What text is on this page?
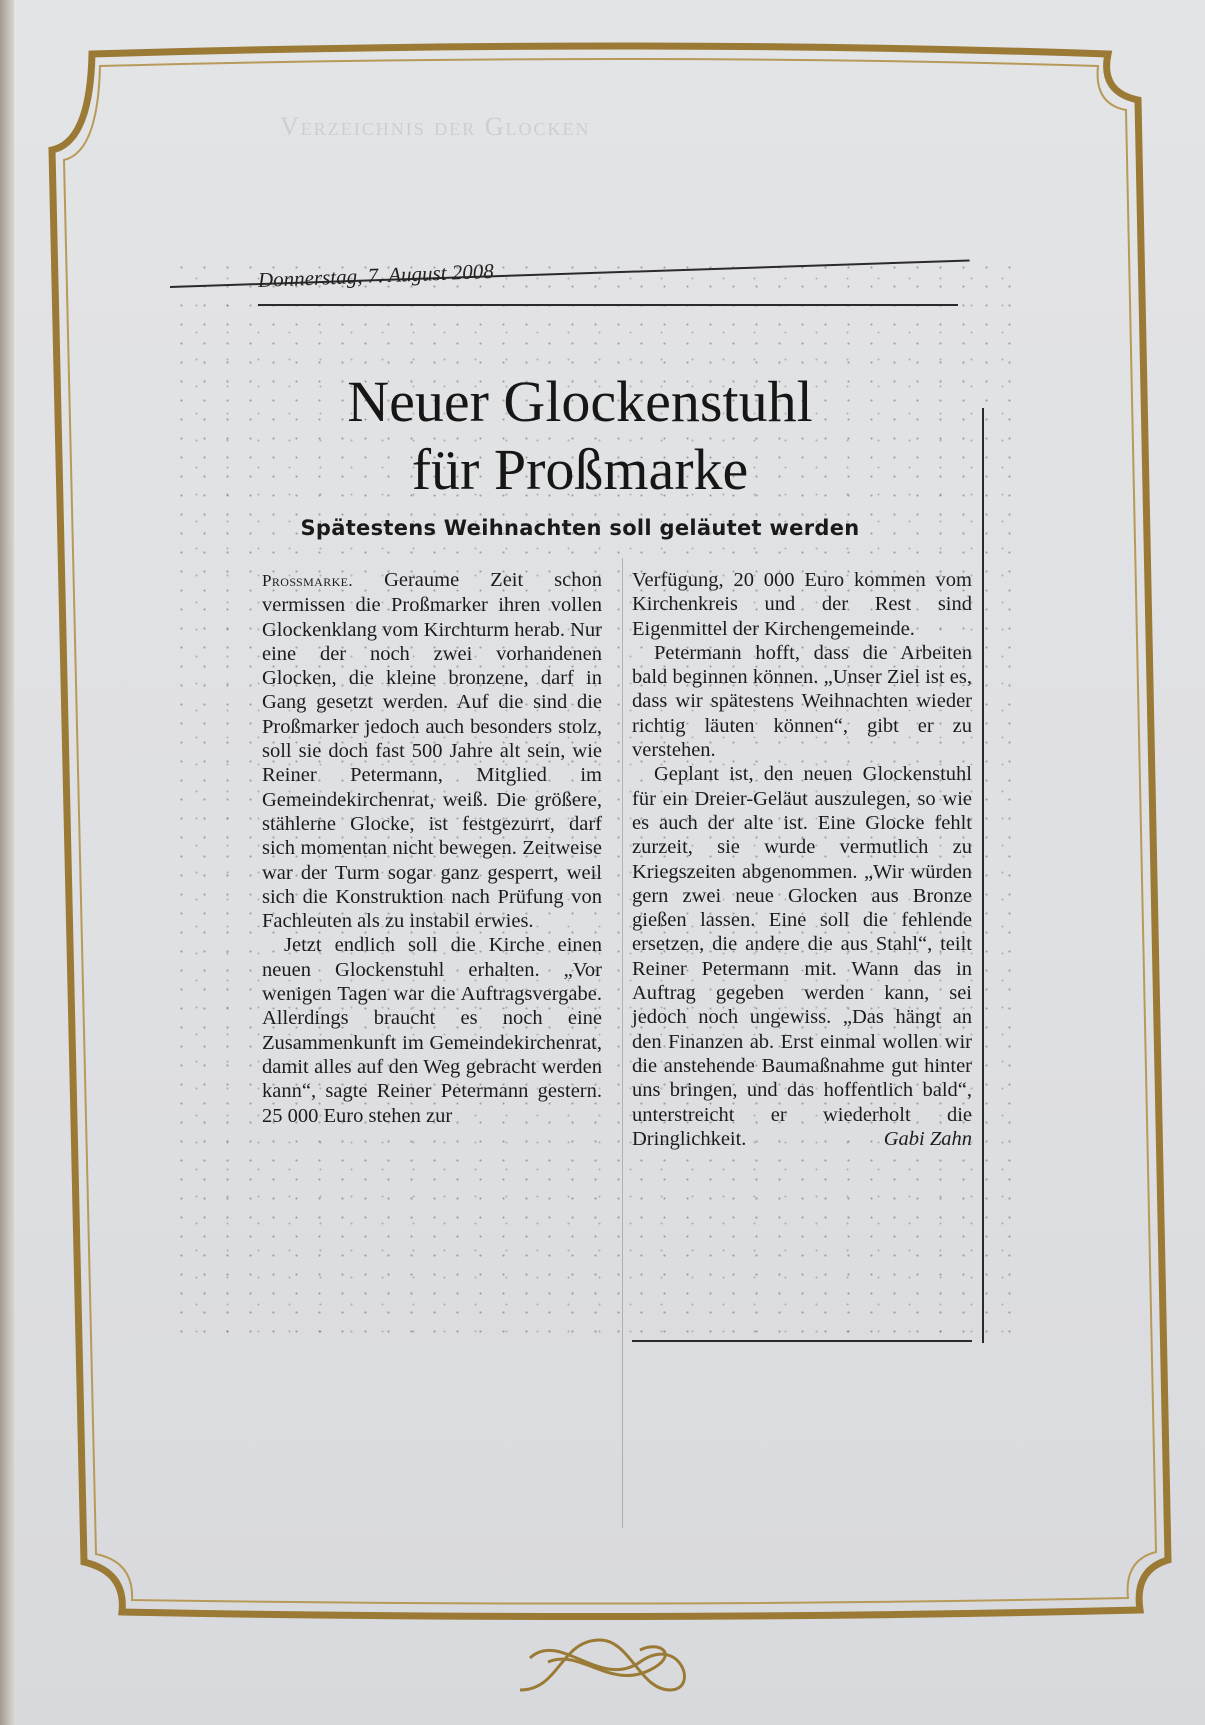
Verzeichnis der Glocken
Donnerstag, 7. August 2008
Neuer Glockenstuhl
für Proßmarke
Spätestens Weihnachten soll geläutet werden

Proßmarke. Geraume Zeit schon vermissen die Proßmarker ihren vollen Glockenklang vom Kirchturm herab. Nur eine der noch zwei vorhandenen Glocken, die kleine bronzene, darf in Gang gesetzt werden. Auf die sind die Proßmarker jedoch auch besonders stolz, soll sie doch fast 500 Jahre alt sein, wie Reiner Petermann, Mitglied im Gemeindekirchenrat, weiß. Die größere, stählerne Glocke, ist festgezurrt, darf sich momentan nicht bewegen. Zeitweise war der Turm sogar ganz gesperrt, weil sich die Konstruktion nach Prüfung von Fachleuten als zu instabil erwies.

Jetzt endlich soll die Kirche einen neuen Glockenstuhl erhalten. „Vor wenigen Tagen war die Auftragsvergabe. Allerdings braucht es noch eine Zusammenkunft im Gemeindekirchenrat, damit alles auf den Weg gebracht werden kann“, sagte Reiner Petermann gestern. 25 000 Euro stehen zur

Verfügung, 20 000 Euro kommen vom Kirchenkreis und der Rest sind Eigenmittel der Kirchengemeinde.

Petermann hofft, dass die Arbeiten bald beginnen können. „Unser Ziel ist es, dass wir spätestens Weihnachten wieder richtig läuten können“, gibt er zu verstehen.

Geplant ist, den neuen Glockenstuhl für ein Dreier-Geläut auszulegen, so wie es auch der alte ist. Eine Glocke fehlt zurzeit, sie wurde vermutlich zu Kriegszeiten abgenommen. „Wir würden gern zwei neue Glocken aus Bronze gießen lassen. Eine soll die fehlende ersetzen, die andere die aus Stahl“, teilt Reiner Petermann mit. Wann das in Auftrag gegeben werden kann, sei jedoch noch ungewiss. „Das hängt an den Finanzen ab. Erst einmal wollen wir die anstehende Baumaßnahme gut hinter uns bringen, und das hoffentlich bald“, unterstreicht er wiederholt die Dringlichkeit.	Gabi Zahn
